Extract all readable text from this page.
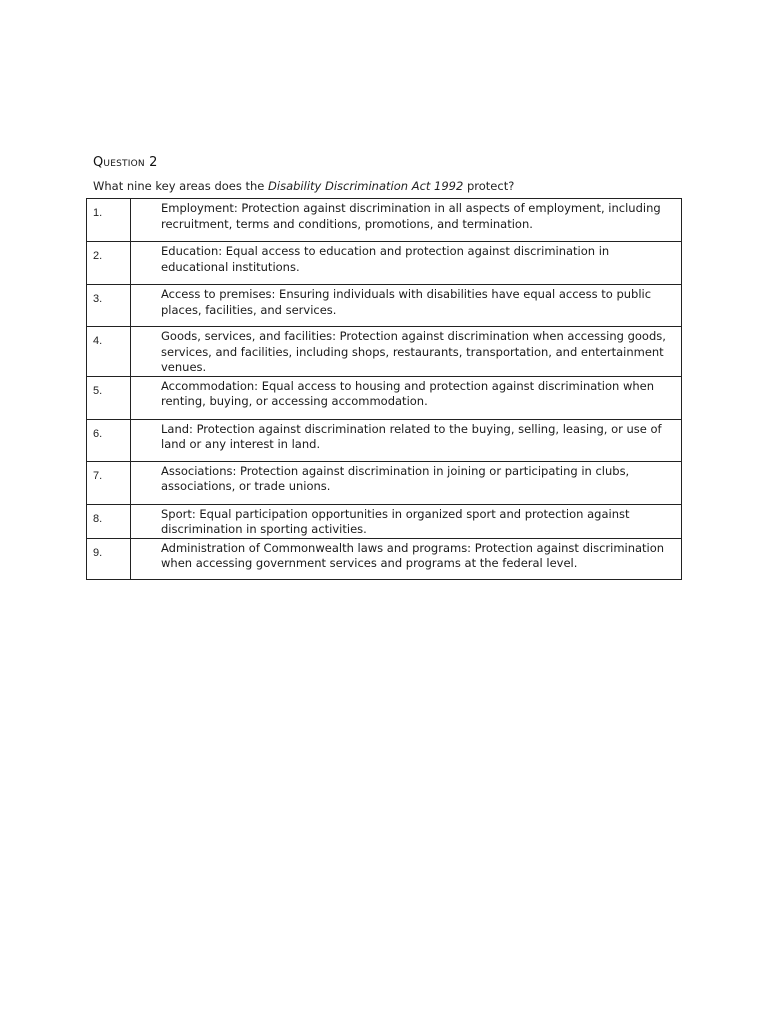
Question 2
What nine key areas does the Disability Discrimination Act 1992 protect?
1.	Employment: Protection against discrimination in all aspects of employment, including recruitment, terms and conditions, promotions, and termination.

2.	Education: Equal access to education and protection against discrimination in educational institutions.

3.	Access to premises: Ensuring individuals with disabilities have equal access to public places, facilities, and services.

4.	Goods, services, and facilities: Protection against discrimination when accessing goods, services, and facilities, including shops, restaurants, transportation, and entertainment venues.

5.	Accommodation: Equal access to housing and protection against discrimination when renting, buying, or accessing accommodation.

6.	Land: Protection against discrimination related to the buying, selling, leasing, or use of land or any interest in land.

7.	Associations: Protection against discrimination in joining or participating in clubs, associations, or trade unions.

8.	Sport: Equal participation opportunities in organized sport and protection against discrimination in sporting activities.

9.	Administration of Commonwealth laws and programs: Protection against discrimination when accessing government services and programs at the federal level.
